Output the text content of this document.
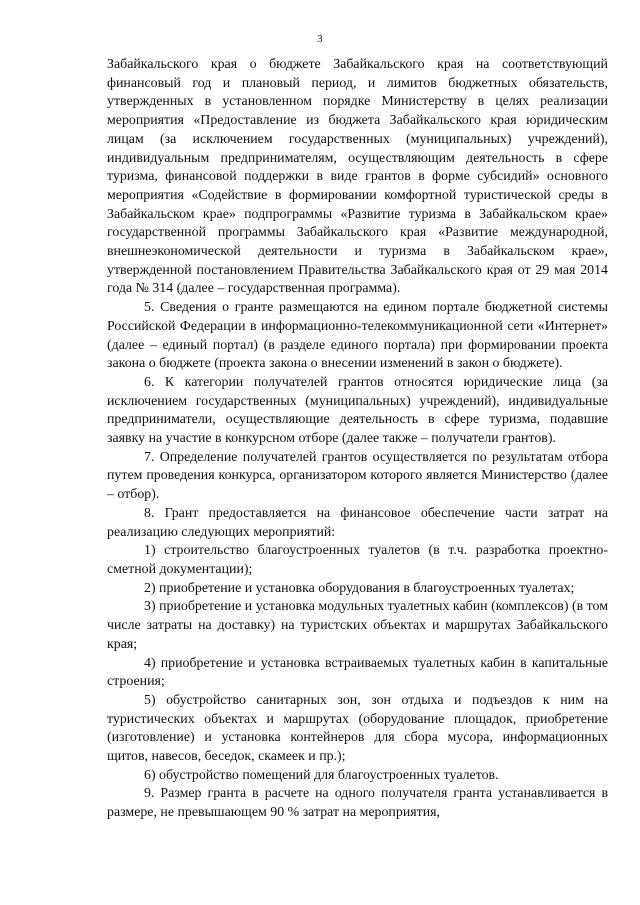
3

Забайкальского края о бюджете Забайкальского края на соответствующий финансовый год и плановый период, и лимитов бюджетных обязательств, утвержденных в установленном порядке Министерству в целях реализации мероприятия «Предоставление из бюджета Забайкальского края юридическим лицам (за исключением государственных (муниципальных) учреждений), индивидуальным предпринимателям, осуществляющим деятельность в сфере туризма, финансовой поддержки в виде грантов в форме субсидий» основного мероприятия «Содействие в формировании комфортной туристической среды в Забайкальском крае» подпрограммы «Развитие туризма в Забайкальском крае» государственной программы Забайкальского края «Развитие международной, внешнеэкономической деятельности и туризма в Забайкальском крае», утвержденной постановлением Правительства Забайкальского края от 29 мая 2014 года № 314 (далее – государственная программа).

5. Сведения о гранте размещаются на едином портале бюджетной системы Российской Федерации в информационно-телекоммуникационной сети «Интернет» (далее – единый портал) (в разделе единого портала) при формировании проекта закона о бюджете (проекта закона о внесении изменений в закон о бюджете).

6. К категории получателей грантов относятся юридические лица (за исключением государственных (муниципальных) учреждений), индивидуальные предприниматели, осуществляющие деятельность в сфере туризма, подавшие заявку на участие в конкурсном отборе (далее также – получатели грантов).

7. Определение получателей грантов осуществляется по результатам отбора путем проведения конкурса, организатором которого является Министерство (далее – отбор).

8. Грант предоставляется на финансовое обеспечение части затрат на реализацию следующих мероприятий:

1) строительство благоустроенных туалетов (в т.ч. разработка проектно-сметной документации);

2) приобретение и установка оборудования в благоустроенных туалетах;

3) приобретение и установка модульных туалетных кабин (комплексов) (в том числе затраты на доставку) на туристских объектах и маршрутах Забайкальского края;

4) приобретение и установка встраиваемых туалетных кабин в капитальные строения;

5) обустройство санитарных зон, зон отдыха и подъездов к ним на туристических объектах и маршрутах (оборудование площадок, приобретение (изготовление) и установка контейнеров для сбора мусора, информационных щитов, навесов, беседок, скамеек и пр.);

6) обустройство помещений для благоустроенных туалетов.

9. Размер гранта в расчете на одного получателя гранта устанавливается в размере, не превышающем 90 % затрат на мероприятия,
